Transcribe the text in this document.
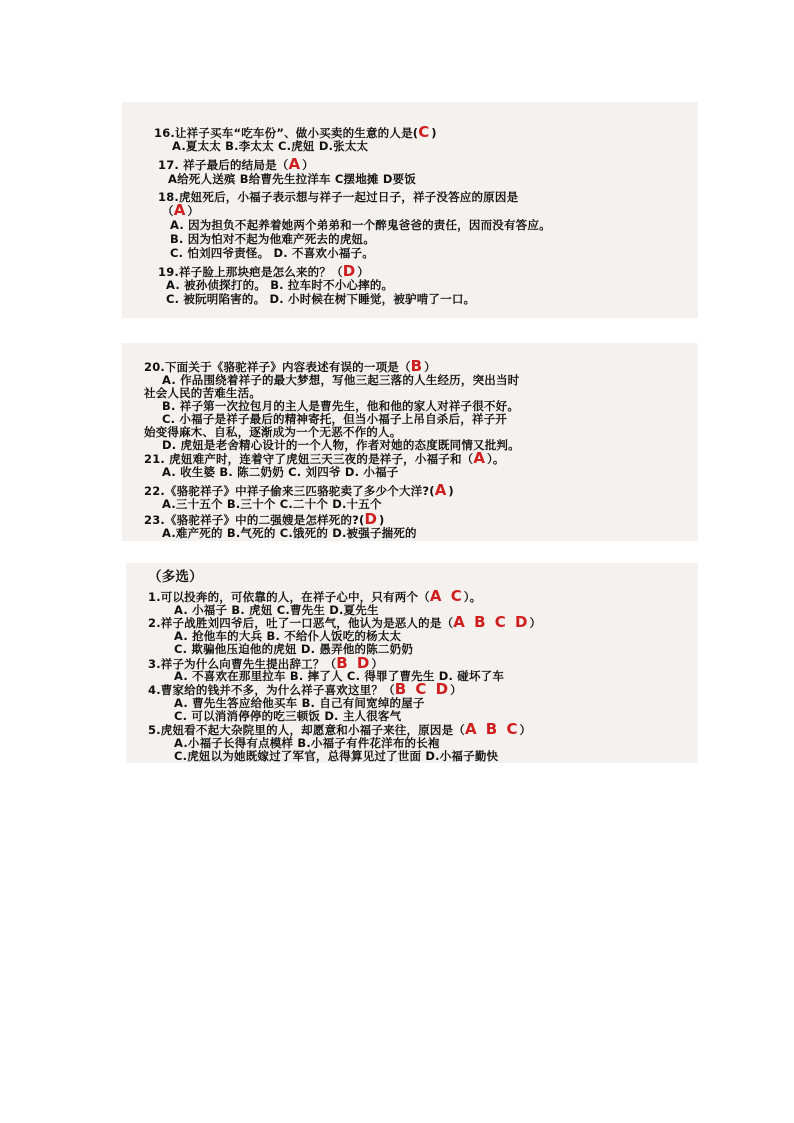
16.让祥子买车“吃车份”、做小买卖的生意的人是(C)
A.夏太太 B.李太太 C.虎妞 D.张太太
17. 祥子最后的结局是（A）
A给死人送殡 B给曹先生拉洋车 C摆地摊 D要饭
18.虎妞死后，小福子表示想与祥子一起过日子，祥子没答应的原因是
（A）
A. 因为担负不起养着她两个弟弟和一个醉鬼爸爸的责任，因而没有答应。
B. 因为怕对不起为他难产死去的虎妞。
C. 怕刘四爷责怪。 D. 不喜欢小福子。
19.祥子脸上那块疤是怎么来的？（D）
A. 被孙侦探打的。 B. 拉车时不小心摔的。
C. 被阮明陷害的。 D. 小时候在树下睡觉，被驴啃了一口。
20.下面关于《骆驼祥子》内容表述有误的一项是（B）
A. 作品围绕着祥子的最大梦想，写他三起三落的人生经历，突出当时
社会人民的苦难生活。
B. 祥子第一次拉包月的主人是曹先生，他和他的家人对祥子很不好。
C. 小福子是祥子最后的精神寄托，但当小福子上吊自杀后，祥子开
始变得麻木、自私，逐渐成为一个无恶不作的人。
D. 虎妞是老舍精心设计的一个人物，作者对她的态度既同情又批判。
21. 虎妞难产时，连着守了虎妞三天三夜的是祥子，小福子和（A）。
A. 收生婆 B. 陈二奶奶 C. 刘四爷 D. 小福子
22.《骆驼祥子》中祥子偷来三匹骆驼卖了多少个大洋?(A)
A.三十五个 B.三十个 C.二十个 D.十五个
23.《骆驼祥子》中的二强嫂是怎样死的?(D)
A.难产死的 B.气死的 C.饿死的 D.被强子揣死的
（多选）
1.可以投奔的，可依靠的人，在祥子心中，只有两个（A C）。
A. 小福子 B. 虎妞 C.曹先生 D.夏先生
2.祥子战胜刘四爷后，吐了一口恶气，他认为是恶人的是（A B C D）
A. 抢他车的大兵 B. 不给仆人饭吃的杨太太
C. 欺骗他压迫他的虎妞 D. 愚弄他的陈二奶奶
3.祥子为什么向曹先生提出辞工？（B D）
A. 不喜欢在那里拉车 B. 摔了人 C. 得罪了曹先生 D. 碰坏了车
4.曹家给的钱并不多，为什么祥子喜欢这里？（B C D）
A. 曹先生答应给他买车 B. 自己有间宽绰的屋子
C. 可以消消停停的吃三顿饭 D. 主人很客气
5.虎妞看不起大杂院里的人，却愿意和小福子来往，原因是（A B C）
A.小福子长得有点模样 B.小福子有件花洋布的长袍
C.虎妞以为她既嫁过了军官，总得算见过了世面 D.小福子勤快
